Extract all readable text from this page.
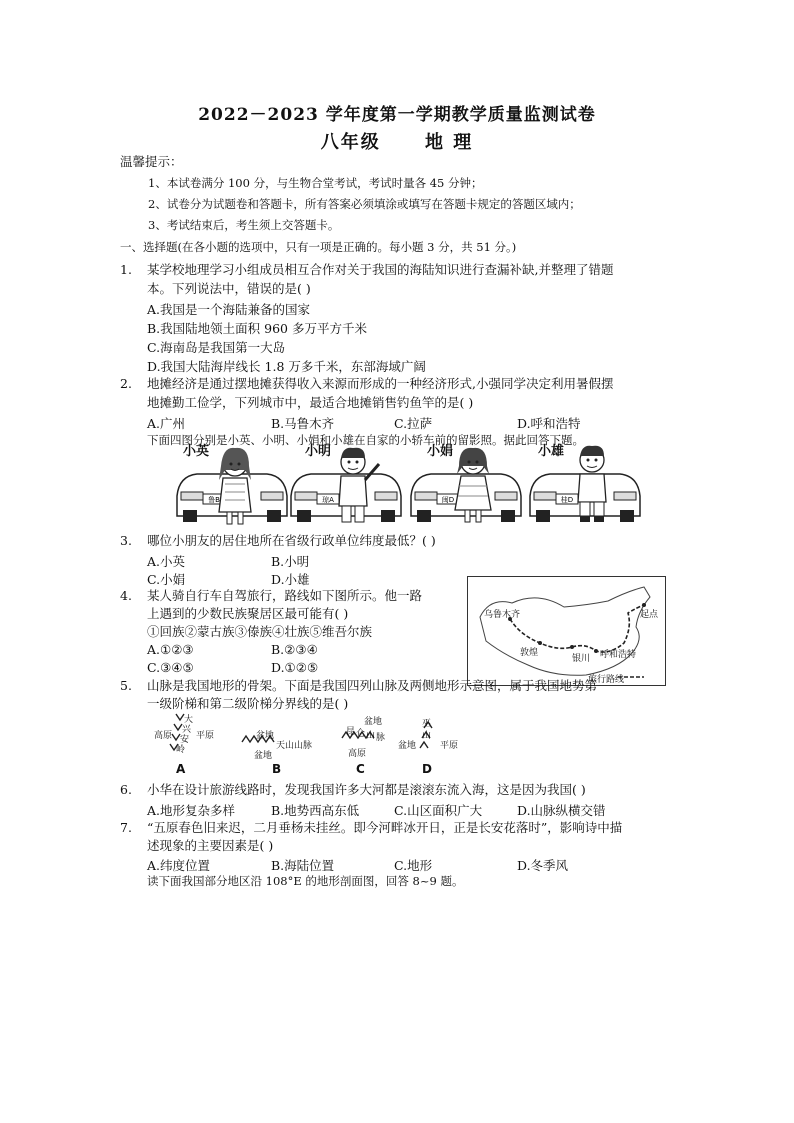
2022－2023 学年度第一学期教学质量监测试卷
八年级 地 理
温馨提示：
1、本试卷满分 100 分，与生物合堂考试，考试时量各 45 分钟；
2、试卷分为试题卷和答题卡，所有答案必须填涂或填写在答题卡规定的答题区域内；
3、考试结束后，考生须上交答题卡。
一、选择题(在各小题的选项中，只有一项是正确的。每小题 3 分，共 51 分。)
1. 某学校地理学习小组成员相互合作对关于我国的海陆知识进行查漏补缺,并整理了错题
本。下列说法中，错误的是( )
A.我国是一个海陆兼备的国家
B.我国陆地领土面积 960 多万平方千米
C.海南岛是我国第一大岛
D.我国大陆海岸线长 1.8 万多千米，东部海域广阔
2. 地摊经济是通过摆地摊获得收入来源而形成的一种经济形式,小强同学决定利用暑假摆
地摊勤工俭学，下列城市中，最适合地摊销售钓鱼竿的是( )
A.广州	B.马鲁木齐	C.拉萨	D.呼和浩特
下面四图分别是小英、小明、小娟和小雄在自家的小轿车前的留影照。据此回答下题。
小英
鲁B
小明
琼A
小娟
闽D
小雄
桂D
3. 哪位小朋友的居住地所在省级行政单位纬度最低？( )
A.小英	B.小明
C.小娟	D.小雄
4. 某人骑自行车自驾旅行，路线如下图所示。他一路
上遇到的少数民族聚居区最可能有( )
①回族②蒙古族③傣族④壮族⑤维吾尔族
A.①②③	B.②③④
C.③④⑤	D.①②⑤
乌鲁木齐	起点
敦煌
银川 呼和浩特
旅行路线
5. 山脉是我国地形的骨架。下面是我国四列山脉及两侧地形示意图，属于我国地势第
一级阶梯和第二级阶梯分界线的是( )
大
兴
安
岭
高原	平原
A
盆地
天山山脉
盆地
B
盆地
昆 仑 山 脉
高原
C
巫
山
盆地	平原
D
6. 小华在设计旅游线路时，发现我国许多大河都是滚滚东流入海，这是因为我国( )
A.地形复杂多样	B.地势西高东低	C.山区面积广大	D.山脉纵横交错
7. “五原春色旧来迟，二月垂杨未挂丝。即今河畔冰开日，正是长安花落时”，影响诗中描
述现象的主要因素是( )
A.纬度位置	B.海陆位置	C.地形	D.冬季风
读下面我国部分地区沿 108°E 的地形剖面图，回答 8~9 题。
